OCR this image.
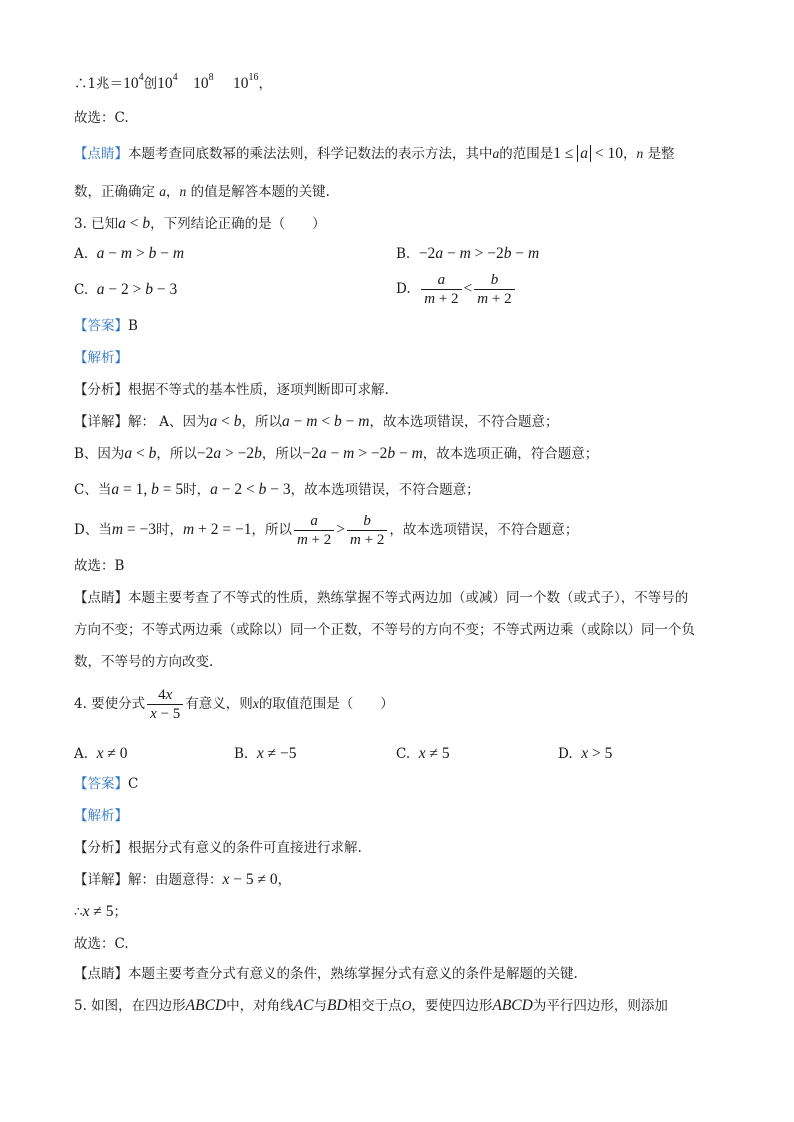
∴1兆$=10^4$创$10^4$    $10^8$     $10^{16}$，
故选：C.
【点睛】本题考查同底数幂的乘法法则，科学记数法的表示方法，其中a的范围是1 ≤ a < 10，n 是整
数，正确确定 a，n 的值是解答本题的关键.
3. 已知a < b，下列结论正确的是（　　）
A. a − m > b − m	B. −2a − m > −2b − m
C. a − 2 > b − 3	D. $\frac{a}{m + 2} < \frac{b}{m + 2}$
【答案】B
【解析】
【分析】根据不等式的基本性质，逐项判断即可求解.
【详解】解： A、因为a < b，所以a − m < b − m，故本选项错误，不符合题意；
B、因为a < b，所以−2a > −2b，所以−2a − m > −2b − m，故本选项正确，符合题意；
C、当a = 1, b = 5时，a − 2 < b − 3，故本选项错误，不符合题意；
D、当m = −3时，m + 2 = −1，所以 $\frac{a}{m + 2} > \frac{b}{m + 2}$ ，故本选项错误，不符合题意；
故选：B
【点睛】本题主要考查了不等式的性质，熟练掌握不等式两边加（或减）同一个数（或式子），不等号的
方向不变；不等式两边乘（或除以）同一个正数，不等号的方向不变；不等式两边乘（或除以）同一个负
数，不等号的方向改变.
4. 要使分式 $\frac{4x}{x - 5}$ 有意义，则x的取值范围是（　　）
A. x ≠ 0	B. x ≠ −5	C. x ≠ 5	D. x > 5
【答案】C
【解析】
【分析】根据分式有意义的条件可直接进行求解.
【详解】解：由题意得：x − 5 ≠ 0，
∴x ≠ 5；
故选：C.
【点睛】本题主要考查分式有意义的条件，熟练掌握分式有意义的条件是解题的关键.
5. 如图，在四边形ABCD中，对角线AC与BD相交于点O，要使四边形ABCD为平行四边形，则添加
